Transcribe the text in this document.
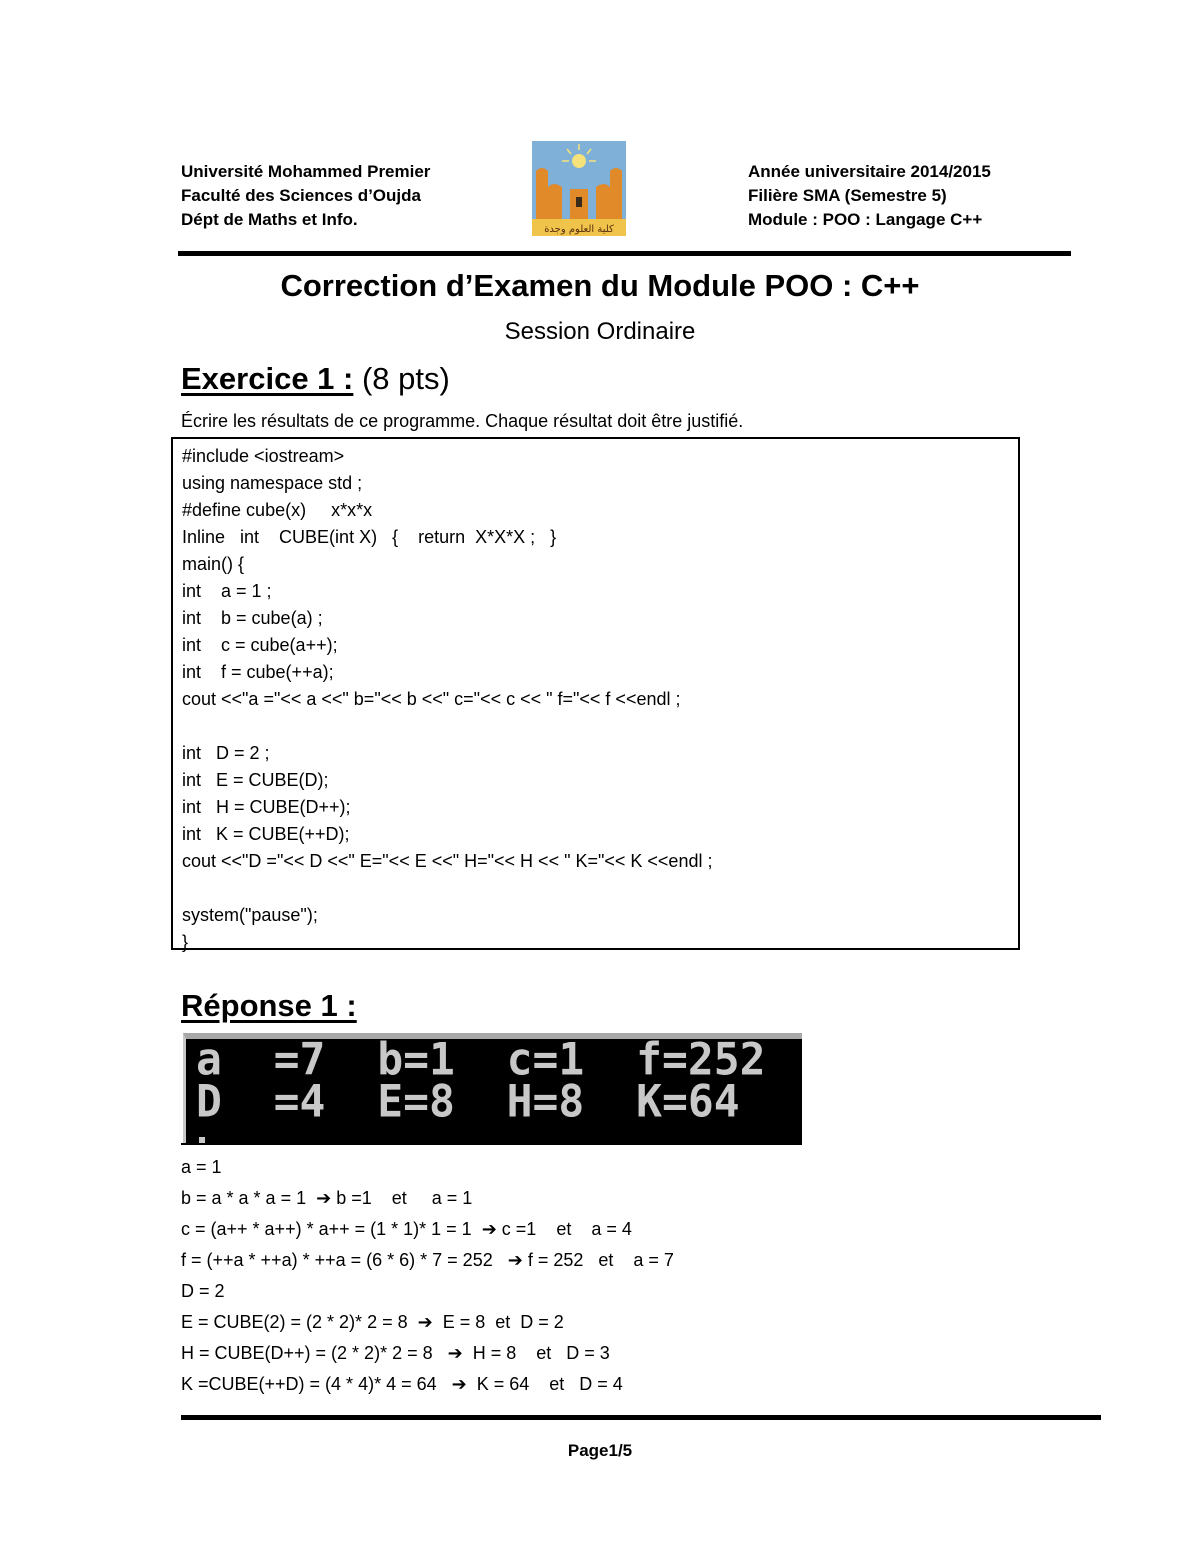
Université Mohammed Premier
Faculté des Sciences d’Oujda
Dépt de Maths et Info.
كلية العلوم وجدة
Année universitaire 2014/2015
Filière SMA (Semestre 5)
Module : POO : Langage C++
Correction d’Examen du Module POO : C++
Session Ordinaire
Exercice 1 : (8 pts)
Écrire les résultats de ce programme. Chaque résultat doit être justifié.
#include <iostream>
using namespace std ;
#define cube(x)     x*x*x
Inline   int    CUBE(int X)   {    return  X*X*X ;   }
main() {
int    a = 1 ;
int    b = cube(a) ;
int    c = cube(a++);
int    f = cube(++a);
cout <<"a ="<< a <<" b="<< b <<" c="<< c << " f="<< f <<endl ;
int   D = 2 ;
int   E = CUBE(D);
int   H = CUBE(D++);
int   K = CUBE(++D);
cout <<"D ="<< D <<" E="<< E <<" H="<< H << " K="<< K <<endl ;
system("pause");
}
Réponse 1 :
a  =7  b=1  c=1  f=252
D  =4  E=8  H=8  K=64
a = 1
b = a * a * a = 1  ➔ b =1    et     a = 1
c = (a++ * a++) * a++ = (1 * 1)* 1 = 1  ➔ c =1    et    a = 4
f = (++a * ++a) * ++a = (6 * 6) * 7 = 252   ➔ f = 252   et    a = 7
D = 2
E = CUBE(2) = (2 * 2)* 2 = 8  ➔  E = 8  et  D = 2
H = CUBE(D++) = (2 * 2)* 2 = 8   ➔  H = 8    et   D = 3
K =CUBE(++D) = (4 * 4)* 4 = 64   ➔  K = 64    et   D = 4
Page1/5
